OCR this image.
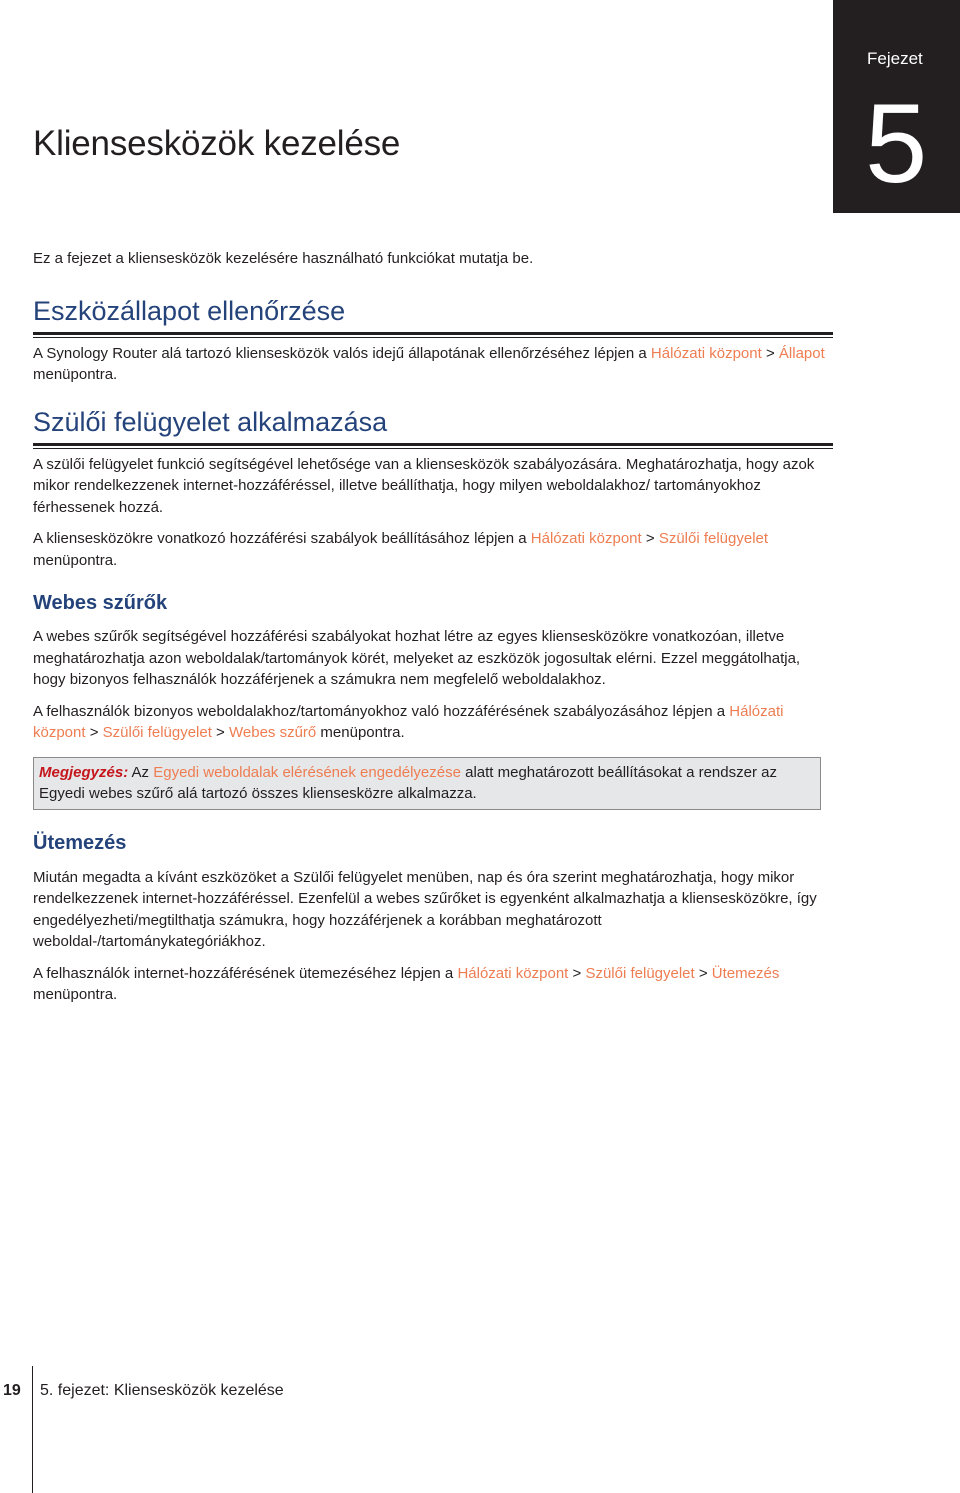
Fejezet
5
Kliensesközök kezelése

Ez a fejezet a kliensesközök kezelésére használható funkciókat mutatja be.

Eszközállapot ellenőrzése

A Synology Router alá tartozó kliensesközök valós idejű állapotának ellenőrzéséhez lépjen a Hálózati központ > Állapot menüpontra.

Szülői felügyelet alkalmazása

A szülői felügyelet funkció segítségével lehetősége van a kliensesközök szabályozására. Meghatározhatja, hogy azok mikor rendelkezzenek internet-hozzáféréssel, illetve beállíthatja, hogy milyen weboldalakhoz/ tartományokhoz férhessenek hozzá.

A kliensesközökre vonatkozó hozzáférési szabályok beállításához lépjen a Hálózati központ > Szülői felügyelet menüpontra.

Webes szűrők

A webes szűrők segítségével hozzáférési szabályokat hozhat létre az egyes kliensesközökre vonatkozóan, illetve meghatározhatja azon weboldalak/tartományok körét, melyeket az eszközök jogosultak elérni. Ezzel meggátolhatja, hogy bizonyos felhasználók hozzáférjenek a számukra nem megfelelő weboldalakhoz.

A felhasználók bizonyos weboldalakhoz/tartományokhoz való hozzáférésének szabályozásához lépjen a Hálózati központ > Szülői felügyelet > Webes szűrő menüpontra.

Megjegyzés: Az Egyedi weboldalak elérésének engedélyezése alatt meghatározott beállításokat a rendszer az Egyedi webes szűrő alá tartozó összes kliensesközre alkalmazza.

Ütemezés

Miután megadta a kívánt eszközöket a Szülői felügyelet menüben, nap és óra szerint meghatározhatja, hogy mikor rendelkezzenek internet-hozzáféréssel. Ezenfelül a webes szűrőket is egyenként alkalmazhatja a kliensesközökre, így engedélyezheti/megtilthatja számukra, hogy hozzáférjenek a korábban meghatározott weboldal-/tartománykategóriákhoz.

A felhasználók internet-hozzáférésének ütemezéséhez lépjen a Hálózati központ > Szülői felügyelet > Ütemezés menüpontra.

19 5. fejezet: Kliensesközök kezelése
